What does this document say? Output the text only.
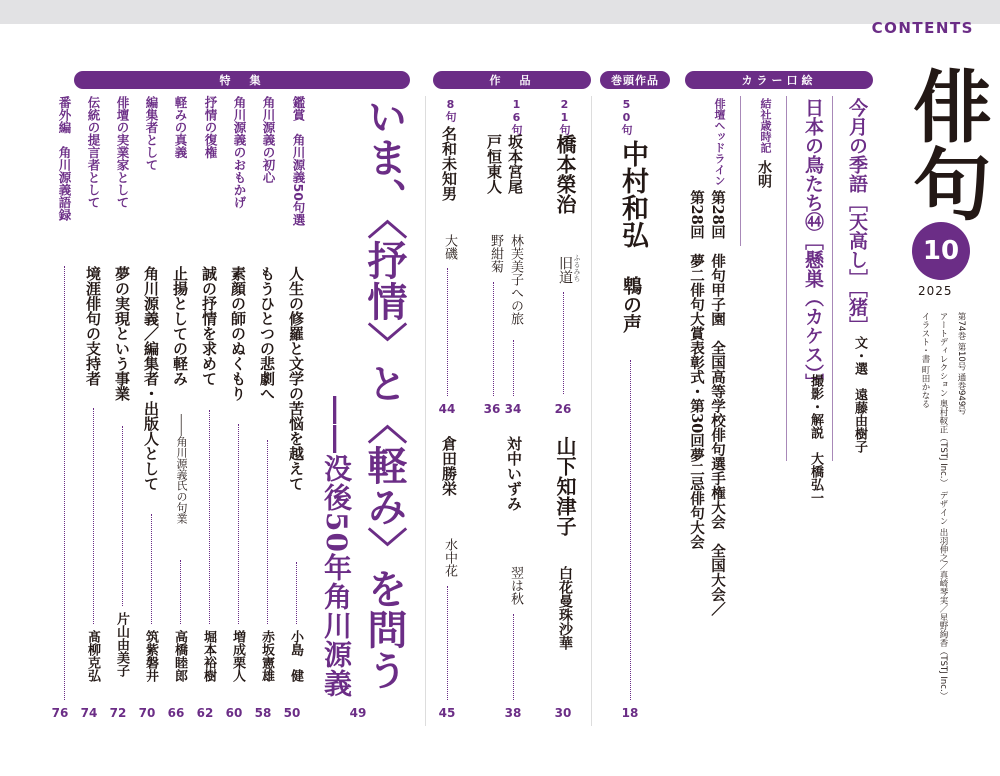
CONTENTS
俳句
10
2025
第74巻 第10号 通巻949号
アートディレクション 奥村靫正（TSTJ Inc.）　デザイン 出羽伸之／真崎琴実／星野絢香（TSTJ Inc.）
イラスト・書 町田かなる
カラー口絵
巻頭作品
作　品
特　集
今月の季語［天高し］［猪］
文・選　遠藤由樹子
日本の鳥たち㊹［懸巣（カケス）］
撮影・解説　大橋弘一
結社歳時記
水明
俳壇ヘッドライン
第28回　俳句甲子園　全国高等学校俳句選手権大会　全国大会／
第28回　夢二俳句大賞表彰式・第30回夢二忌俳句大会
50句
中村和弘
鵯の声
18
21句
橋本榮治
ふるみち
旧道
26
山下知津子
白花曼珠沙華
30
16句
坂本宮尾
林芙美子への旅
34
戸恒東人
野紺菊
36
対中いずみ
翌は秋
38
8句
名和未知男
大磯
44
倉田勝栄
水中花
45
いま、〈抒情〉と〈軽み〉を問う
――没後50年角川源義
49
鑑賞　角川源義50句選
角川源義の初心
角川源義のおもかげ
抒情の復権
軽みの真義
編集者として
俳壇の実業家として
伝統の提言者として
番外編　角川源義語録
人生の修羅と文学の苦悩を越えて
もうひとつの悲劇へ
素顔の師のぬくもり
誠の抒情を求めて
止揚としての軽み
――角川源義氏の句業
角川源義／編集者・出版人として
夢の実現という事業
境涯俳句の支持者
小島　健
赤坂憲雄
増成栗人
堀本裕樹
高橋睦郎
筑紫磐井
片山由美子
髙柳克弘
50
58
60
62
66
70
72
74
76
